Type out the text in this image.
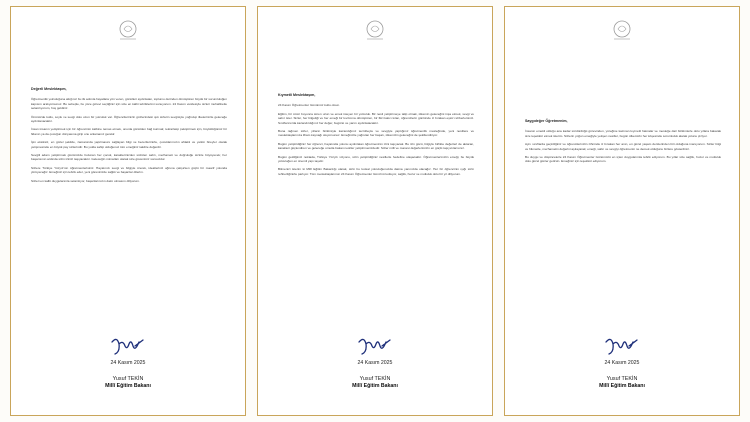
Değerli Meslektaşım,

Öğretmenlik yolculuğuna attığınız bu ilk adımla hayatlara yön veren, gönülleri aydınlatan, toplumu derinden dönüştüren büyük bir sorumluluğun kapısını aralıyorsunuz. Bu sebeple, bu yüce görevi seçtiğiniz için size en kalbi tebriklerimi sunuyorum. 24 Kasım vesilesiyle sizleri muhabbetle selamlıyorum, hoş geldiniz.

Önünüzde kutlu, soylu ve sevgi dolu uzun bir yolculuk var. Öğrencilerinizin gözlerindeki ışık sizlerin sevgisiyle yoğrulup ilkelerinizle geleceğe aydınlanacaktır.

İnsan insanın yetiştirmek için bir öğrencinin kalbine temas etmek, onunla gönülden bağ kurmak; tekrarlatıp pekiştirmek için, büyüklüğünüz bir fidanın ya da çocuğun dünyasına girip onu anlamanız gerekir.

İşin eksiksiz, en güzel şekilde, zamanında yapılmasını sağlayan bilgi ve becerilerinizle, çocuklarımızın ahlaklı ve yetkin bireyler olarak yetişmesinde en büyük pay sizlerindir. Bu yolda sahip olduğunuz tüm emeğiniz takdire değerdir.

Sevgili adam yetiştirmek gücünüzde bulunan her çocuk, karakterinizden süzülen sabrı, merhameti ve doğruluğu sizinle büyüyecek; her başarısının ardında sizin izinizi taşıyacaktır. Geleceğin mimarları olarak size güvenimiz sonsuzdur.

Sizlere Türkiye Yüzyılı'nın öğretmenlerisiniz. Hayatınızı sevgi ve bilgiyle örerek, idealleriniz uğruna çalışırken güçlü bir maarif yolunda yürüyeceğiz. Emeğiniz için tebrik eder, yeni görevinizde sağlık ve başarılar dilerim.

Sizleri en kalbi duygularımla selamlıyor, başarılarınızın daim olmasını diliyorum.

24 Kasım 2025
Yusuf TEKİN
Millî Eğitim Bakanı

Kıymetli Meslektaşım,

24 Kasım Öğretmenler Günümüz kutlu olsun.

Eğitim, bir ömür boyunca süren uzun ve emek isteyen bir yolculuk. Bir nesli yetiştirmeye talip olmak, ülkemin geleceğini inşa etmek, sevgi ve sabır ister. Sizler, her bilgeliği ve her emeği bir kıvılcıma dönüştüren, bir fikri kalıcı kılan, öğrencilerin gönlünde iz bırakan eşsiz rehberlersiniz. Sınıflarınızda kazandırdığınız her değer, bugünü ve yarını aydınlatacaktır.

Buna rağmen sizler, yılların birikimiyle kazandığınız tecrübeyle ve sevgiyle yaptığınız öğretmenlik mesleğinde, yeni nesillere ve meslektaşlarınıza ilham kaynağı oluyorsunuz. Emeğinizle yoğrulan her başarı, ülkemizin geleceğini de şekillendiriyor.

Bugün yetiştirdiğiniz her öğrenci, hayatında yolunu aydınlatan öğretmeninin izini taşıyacak. Bu izin gücü, bilgiyle birlikte değerleri de aktaran, karakteri güçlendiren ve geleceğe umutla bakan nesiller yetiştirmenizdedir. Sizler milli ve manevi değerlerimizin en güçlü taşıyıcılarısınız.

Bugün geldiğimiz noktada, Türkiye Yüzyılı vizyonu, sizin yetiştirdiğiniz nesillerle hedefine ulaşacaktır. Öğretmenlerimizin emeği, bu büyük yolculuğun en önemli yapı taşıdır.

Bilmenizi isterim ki Millî Eğitim Bakanlığı olarak, sizin bu kutsal yolculuğunuzda daima yanınızda olacağız. Her bir öğrencinin ışığı sizin rehberliğinizle parlıyor. Tüm meslektaşlarımın 24 Kasım Öğretmenler Günü'nü kutluyor, sağlık, huzur ve mutluluk dolu bir yıl diliyorum.

24 Kasım 2025
Yusuf TEKİN
Millî Eğitim Bakanı

Saygıdeğer Öğretmenim,

İnsanın emekli olduğu ana kadar sürdürdüğü görevinden, yüreğine kazınan kıymetli hatıralar ve mesleğe dair birikimlerle dolu yıllara bakarak size teşekkür etmek isterim. Sizlerin yoğun emeğiyle yetişen nesiller, bugün ülkemizin her köşesinde sorumluluk alarak yolunu çiziyor.

Aynı sınıflarda geçirdiğiniz ve öğrencilerinizin zihninde iz bırakan her anın, en güzel yaşam derslerinden biri olduğuna inanıyorum. Sizler bilgi ve hikmetle, merhametin değerini aşılayarak; emeği, sabrı ve sevgiyi öğretmenin ne demek olduğunu bizlere gösterdiniz.

Bu duygu ve düşüncelerle 24 Kasım Öğretmenler Günümüzü en içten duygularımla tebrik ediyorum. Bu yıllar size sağlık, huzur ve mutluluk dolu güzel günler getirsin. Emeğiniz için teşekkür ediyorum.

24 Kasım 2025
Yusuf TEKİN
Millî Eğitim Bakanı
